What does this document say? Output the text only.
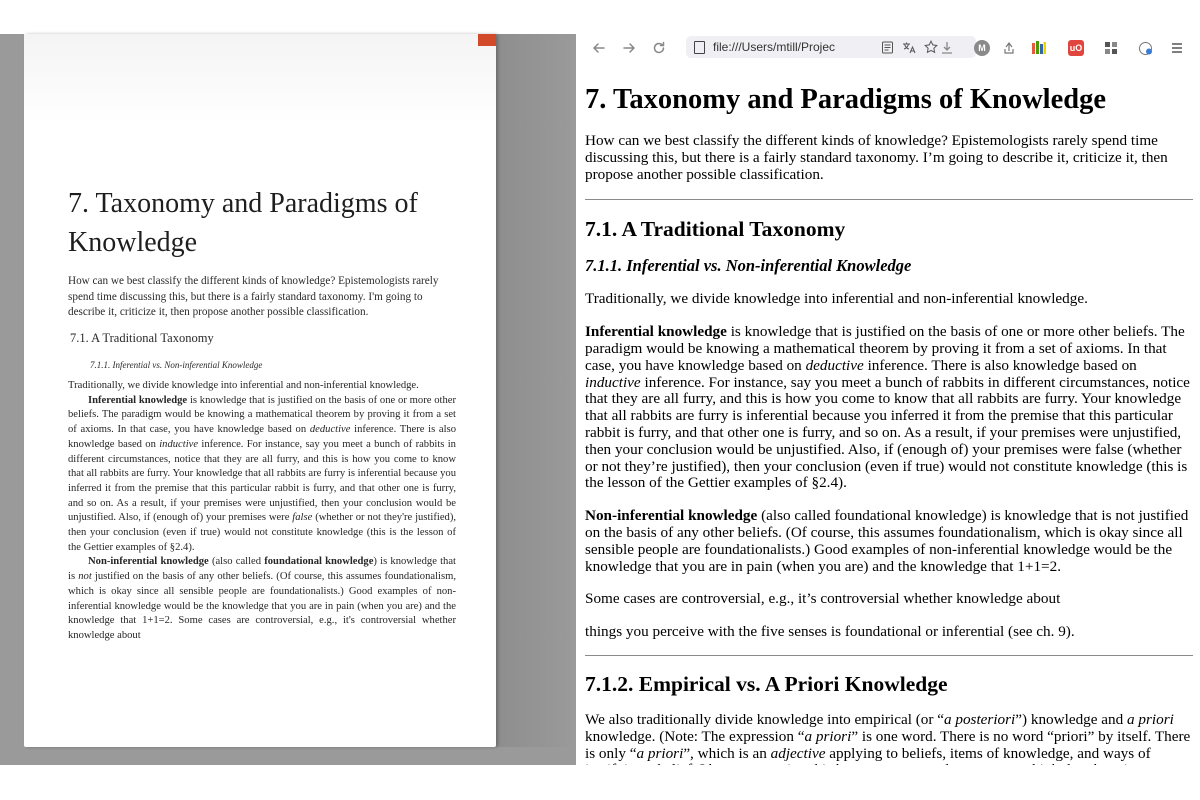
7. Taxonomy and Paradigms of Knowledge

How can we best classify the different kinds of knowledge? Epistemologists rarely spend time discussing this, but there is a fairly standard taxonomy. I'm going to describe it, criticize it, then propose another possible classification.

7.1. A Traditional Taxonomy
7.1.1. Inferential vs. Non-inferential Knowledge

Traditionally, we divide knowledge into inferential and non-inferential knowledge.

Inferential knowledge is knowledge that is justified on the basis of one or more other beliefs. The paradigm would be knowing a mathematical theorem by proving it from a set of axioms. In that case, you have knowledge based on deductive inference. There is also knowledge based on inductive inference. For instance, say you meet a bunch of rabbits in different circumstances, notice that they are all furry, and this is how you come to know that all rabbits are furry. Your knowledge that all rabbits are furry is inferential because you inferred it from the premise that this particular rabbit is furry, and that other one is furry, and so on. As a result, if your premises were unjustified, then your conclusion would be unjustified. Also, if (enough of) your premises were false (whether or not they're justified), then your conclusion (even if true) would not constitute knowledge (this is the lesson of the Gettier examples of §2.4).

Non-inferential knowledge (also called foundational knowledge) is knowledge that is not justified on the basis of any other beliefs. (Of course, this assumes foundationalism, which is okay since all sensible people are foundationalists.) Good examples of non-inferential knowledge would be the knowledge that you are in pain (when you are) and the knowledge that 1+1=2. Some cases are controversial, e.g., it's controversial whether knowledge about

file:///Users/mtill/Projec	M	uO
7. Taxonomy and Paradigms of Knowledge

How can we best classify the different kinds of knowledge? Epistemologists rarely spend time discussing this, but there is a fairly standard taxonomy. I’m going to describe it, criticize it, then propose another possible classification.

7.1. A Traditional Taxonomy
7.1.1. Inferential vs. Non-inferential Knowledge

Traditionally, we divide knowledge into inferential and non-inferential knowledge.

Inferential knowledge is knowledge that is justified on the basis of one or more other beliefs. The paradigm would be knowing a mathematical theorem by proving it from a set of axioms. In that case, you have knowledge based on deductive inference. There is also knowledge based on inductive inference. For instance, say you meet a bunch of rabbits in different circumstances, notice that they are all furry, and this is how you come to know that all rabbits are furry. Your knowledge that all rabbits are furry is inferential because you inferred it from the premise that this particular rabbit is furry, and that other one is furry, and so on. As a result, if your premises were unjustified, then your conclusion would be unjustified. Also, if (enough of) your premises were false (whether or not they’re justified), then your conclusion (even if true) would not constitute knowledge (this is the lesson of the Gettier examples of §2.4).

Non-inferential knowledge (also called foundational knowledge) is knowledge that is not justified on the basis of any other beliefs. (Of course, this assumes foundationalism, which is okay since all sensible people are foundationalists.) Good examples of non-inferential knowledge would be the knowledge that you are in pain (when you are) and the knowledge that 1+1=2.

Some cases are controversial, e.g., it’s controversial whether knowledge about

things you perceive with the five senses is foundational or inferential (see ch. 9).

7.1.2. Empirical vs. A Priori Knowledge

We also traditionally divide knowledge into empirical (or “a posteriori”) knowledge and a priori knowledge. (Note: The expression “a priori” is one word. There is no word “priori” by itself. There is only “a priori”, which is an adjective applying to beliefs, items of knowledge, and ways of
